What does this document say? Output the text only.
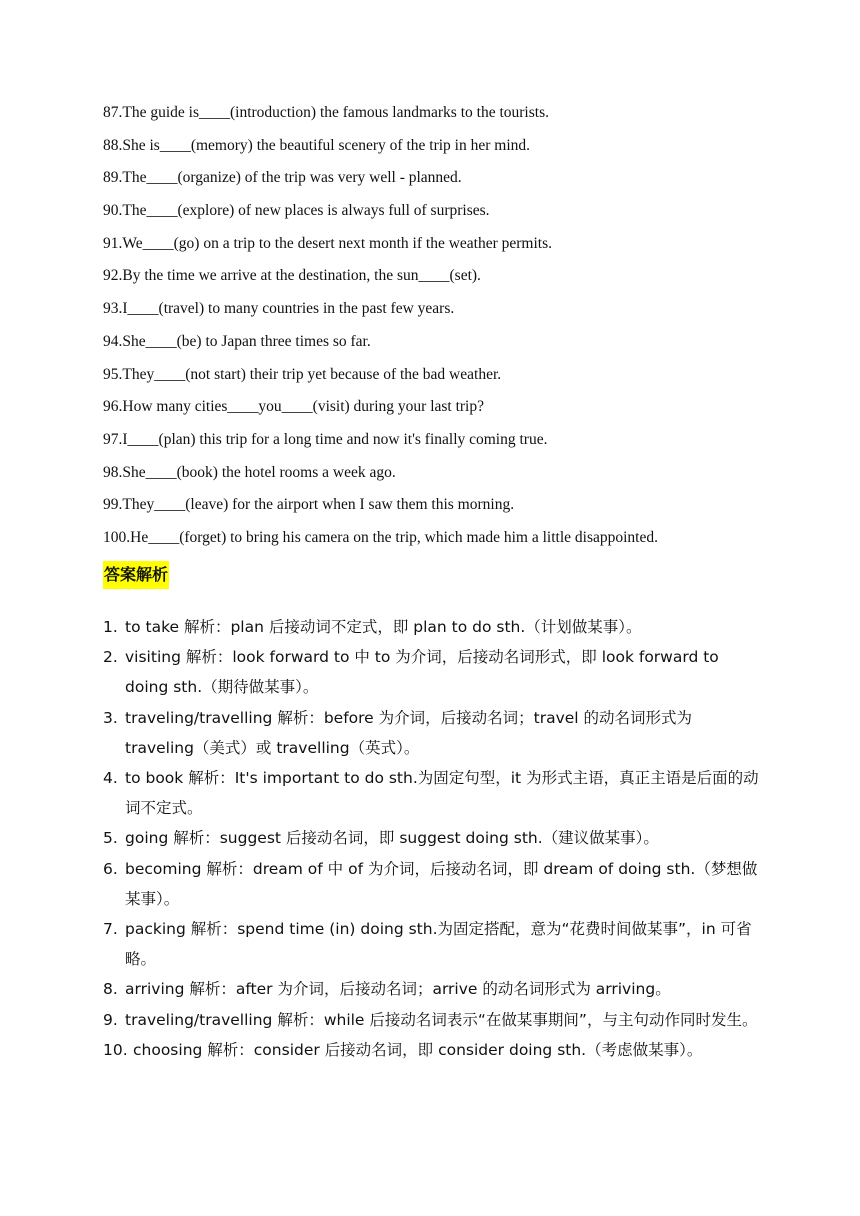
87.The guide is____(introduction) the famous landmarks to the tourists.
88.She is____(memory) the beautiful scenery of the trip in her mind.
89.The____(organize) of the trip was very well - planned.
90.The____(explore) of new places is always full of surprises.
91.We____(go) on a trip to the desert next month if the weather permits.
92.By the time we arrive at the destination, the sun____(set).
93.I____(travel) to many countries in the past few years.
94.She____(be) to Japan three times so far.
95.They____(not start) their trip yet because of the bad weather.
96.How many cities____you____(visit) during your last trip?
97.I____(plan) this trip for a long time and now it's finally coming true.
98.She____(book) the hotel rooms a week ago.
99.They____(leave) for the airport when I saw them this morning.
100.He____(forget) to bring his camera on the trip, which made him a little disappointed.
答案解析
1. to take 解析：plan 后接动词不定式，即 plan to do sth.（计划做某事）。
2. visiting 解析：look forward to 中 to 为介词，后接动名词形式，即 look forward to doing sth.（期待做某事）。
3. traveling/travelling 解析：before 为介词，后接动名词；travel 的动名词形式为 traveling（美式）或 travelling（英式）。
4. to book 解析：It's important to do sth.为固定句型，it 为形式主语，真正主语是后面的动词不定式。
5. going 解析：suggest 后接动名词，即 suggest doing sth.（建议做某事）。
6. becoming 解析：dream of 中 of 为介词，后接动名词，即 dream of doing sth.（梦想做某事）。
7. packing 解析：spend time (in) doing sth.为固定搭配，意为“花费时间做某事”，in 可省略。
8. arriving 解析：after 为介词，后接动名词；arrive 的动名词形式为 arriving。
9. traveling/travelling 解析：while 后接动名词表示“在做某事期间”，与主句动作同时发生。
10. choosing 解析：consider 后接动名词，即 consider doing sth.（考虑做某事）。
